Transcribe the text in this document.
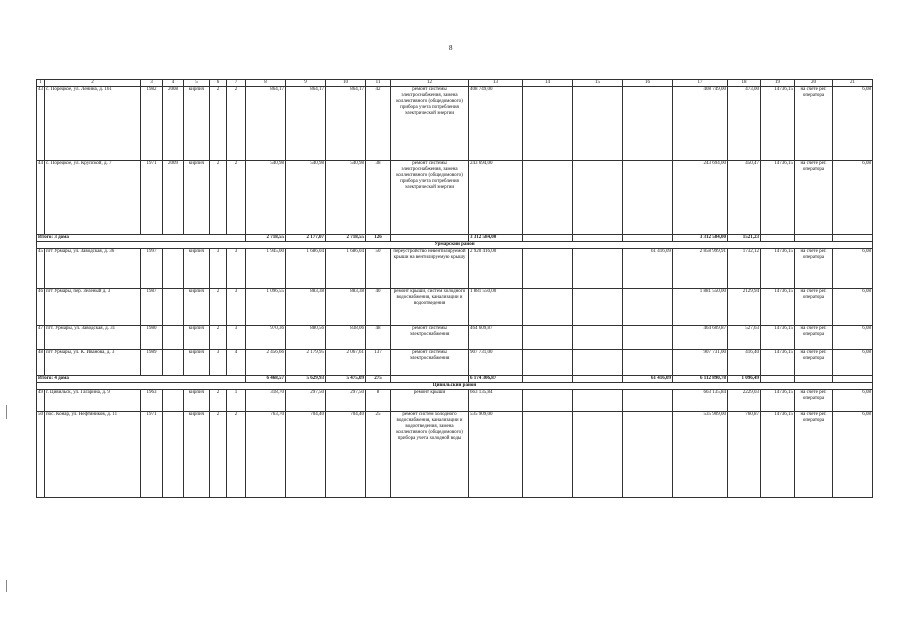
8
1	2	3	4	5	6	7	8	9	10	11	12	13	14	15	16	17	18	19	20	21
43	с. Порецкое, ул. Ленина, д. 161	1982	2008	кирпич	2	2	864,17	864,17	864,17	42	ремонт системы электроснабжения, замена коллективного (общедомового) прибора учета потребления электрической энергии	408 749,00				408 749,00	473,00	14736,15	на счете рег. оператора	6,08
44	с. Порецкое, ул. Крупской, д. 7	1971	2009	кирпич	2	2	540,98	540,98	540,98	38	ремонт системы электроснабжения, замена коллективного (общедомового) прибора учета потребления электрической энергии	243 694,00				243 694,00	450,47	14736,15	на счете рег. оператора	6,08
Итого: 3 дома							2 718,55	2 177,07	2 718,55	126		3 312 584,00				3 312 584,00	1521,23			
Урмарский район																				
45	пгт Урмары, ул. Заводская, д. 36	1997		кирпич	3	3	1 945,00	1 686,04	1 686,04	50	переустройство невентилируемой крыши на вентилируемую крышу	2 920 416,00			61 416,09	2 858 999,91	1732,12	14736,15	на счете рег. оператора	6,08
46	пгт Урмары, пер. Зеленый д. 3	1987		кирпич	2	3	1 096,55	883,38	883,38	40	ремонт крыши, систем холодного водоснабжения, канализации и водоотведения	1 881 550,00				1 881 550,00	2129,94	14736,15	на счете рег. оператора	6,08
47	пгт. Урмары, ул. Заводская, д. 31	1980		кирпич	2	3	970,36	880,56	838,06	48	ремонт системы электроснабжения	464 609,87				464 609,87	527,63	14736,15	на счете рег. оператора	6,08
48	пгт Урмары, ул. К. Иванова, д. 3	1989		кирпич	3	4	2 456,66	2 179,95	2 067,61	137	ремонт системы электроснабжения	907 731,00				907 731,00	416,40	14736,15	на счете рег. оператора	6,08
Итого: 4 дома							6 468,57	5 629,93	5 475,09	275		6 174 306,87			61 416,09	6 112 890,78	1 096,49			
Цивильский район																				
49	г. Цивильск, ул. Гагарина, д. 9	1963		кирпич	2	1	318,70	297,50	297,50	8	ремонт крыши	663 135,84				663 135,84	2229,03	14736,15	на счете рег. оператора	6,08
50	пос. Конар, ул. Нефтяников, д. 11	1971		кирпич	2	2	763,70	704,40	704,40	25	ремонт систем холодного водоснабжения, канализации и водоотведения, замена коллективного (общедомового) прибора учета холодной воды	535 909,00				535 909,00	760,87	14736,15	на счете рег. оператора	6,08
